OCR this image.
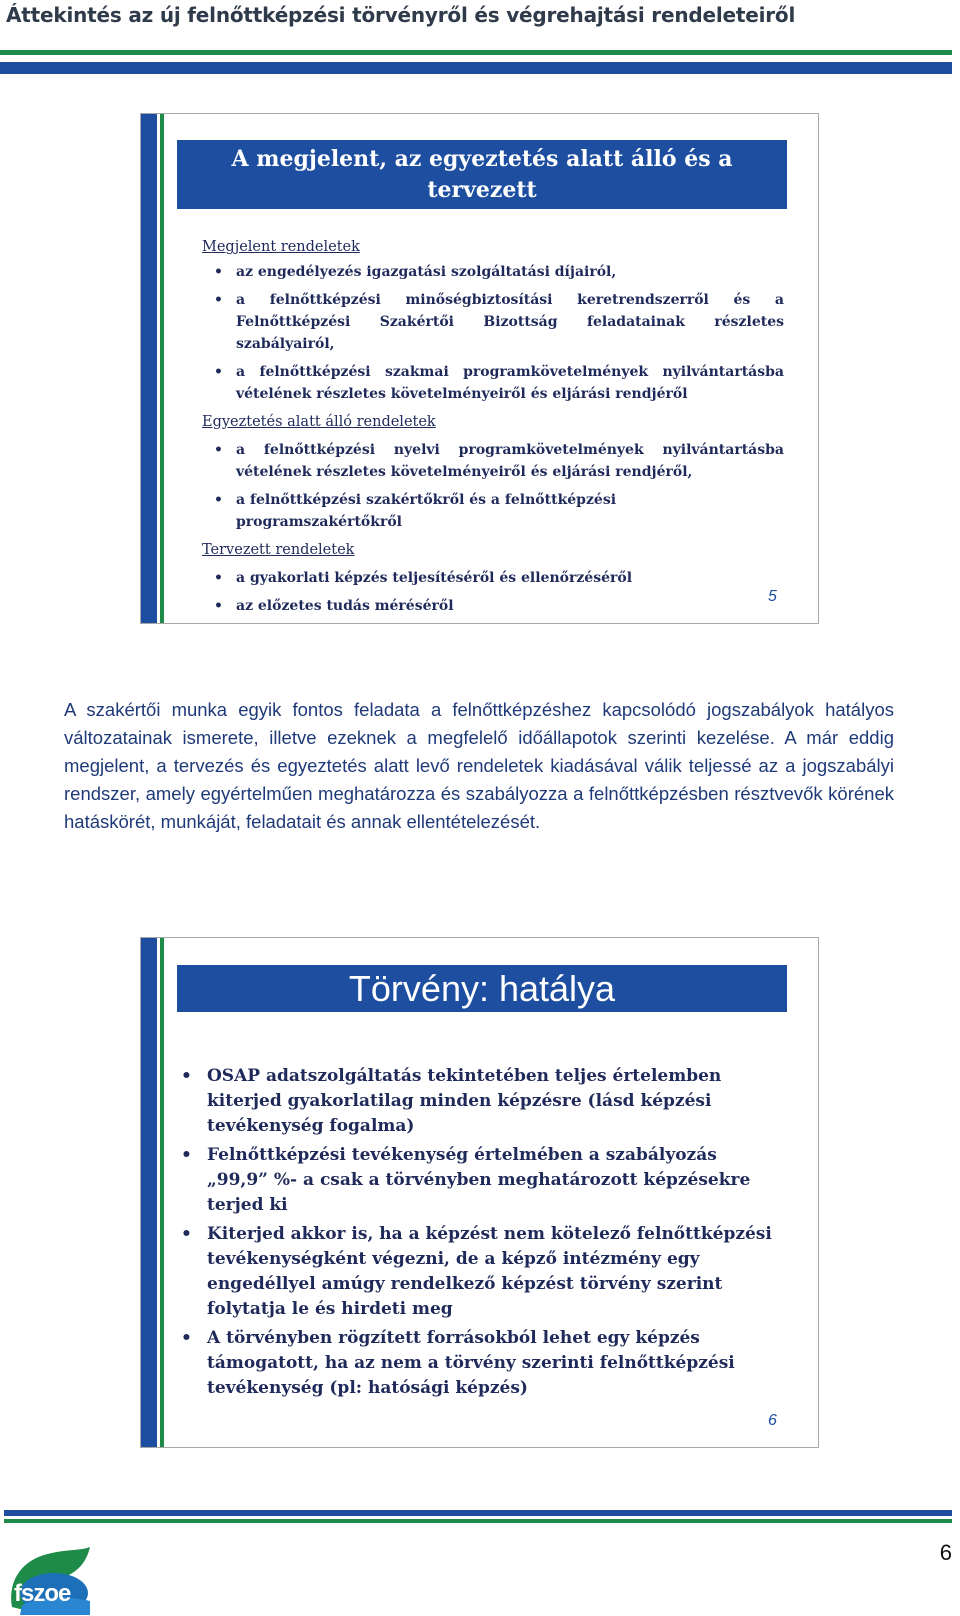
Áttekintés az új felnőttképzési törvényről és végrehajtási rendeleteiről
A megjelent, az egyeztetés alatt álló és a tervezett
miniszteri rendeletek:
Megjelent rendeletek
• az engedélyezés igazgatási szolgáltatási díjairól,
• a felnőttképzési minőségbiztosítási keretrendszerről és a Felnőttképzési Szakértői Bizottság feladatainak részletes szabályairól,
• a felnőttképzési szakmai programkövetelmények nyilvántartásba vételének részletes követelményeiről és eljárási rendjéről
Egyeztetés alatt álló rendeletek
• a felnőttképzési nyelvi programkövetelmények nyilvántartásba vételének részletes követelményeiről és eljárási rendjéről,
• a felnőttképzési szakértőkről és a felnőttképzési programszakértőkről
Tervezett rendeletek
• a gyakorlati képzés teljesítéséről és ellenőrzéséről
• az előzetes tudás méréséről
5
A szakértői munka egyik fontos feladata a felnőttképzéshez kapcsolódó jogszabályok hatályos változatainak ismerete, illetve ezeknek a megfelelő időállapotok szerinti kezelése. A már eddig megjelent, a tervezés és egyeztetés alatt levő rendeletek kiadásával válik teljessé az a jogszabályi rendszer, amely egyértelműen meghatározza és szabályozza a felnőttképzésben résztvevők körének hatáskörét, munkáját, feladatait és annak ellentételezését.
Törvény: hatálya
• OSAP adatszolgáltatás tekintetében teljes értelemben kiterjed gyakorlatilag minden képzésre (lásd képzési tevékenység fogalma)
• Felnőttképzési tevékenység értelmében a szabályozás „99,9” %- a csak a törvényben meghatározott képzésekre terjed ki
• Kiterjed akkor is, ha a képzést nem kötelező felnőttképzési tevékenységként végezni, de a képző intézmény egy engedéllyel amúgy rendelkező képzést törvény szerint folytatja le és hirdeti meg
• A törvényben rögzített forrásokból lehet egy képzés támogatott, ha az nem a törvény szerinti felnőttképzési tevékenység (pl: hatósági képzés)
6
6
fszoe
